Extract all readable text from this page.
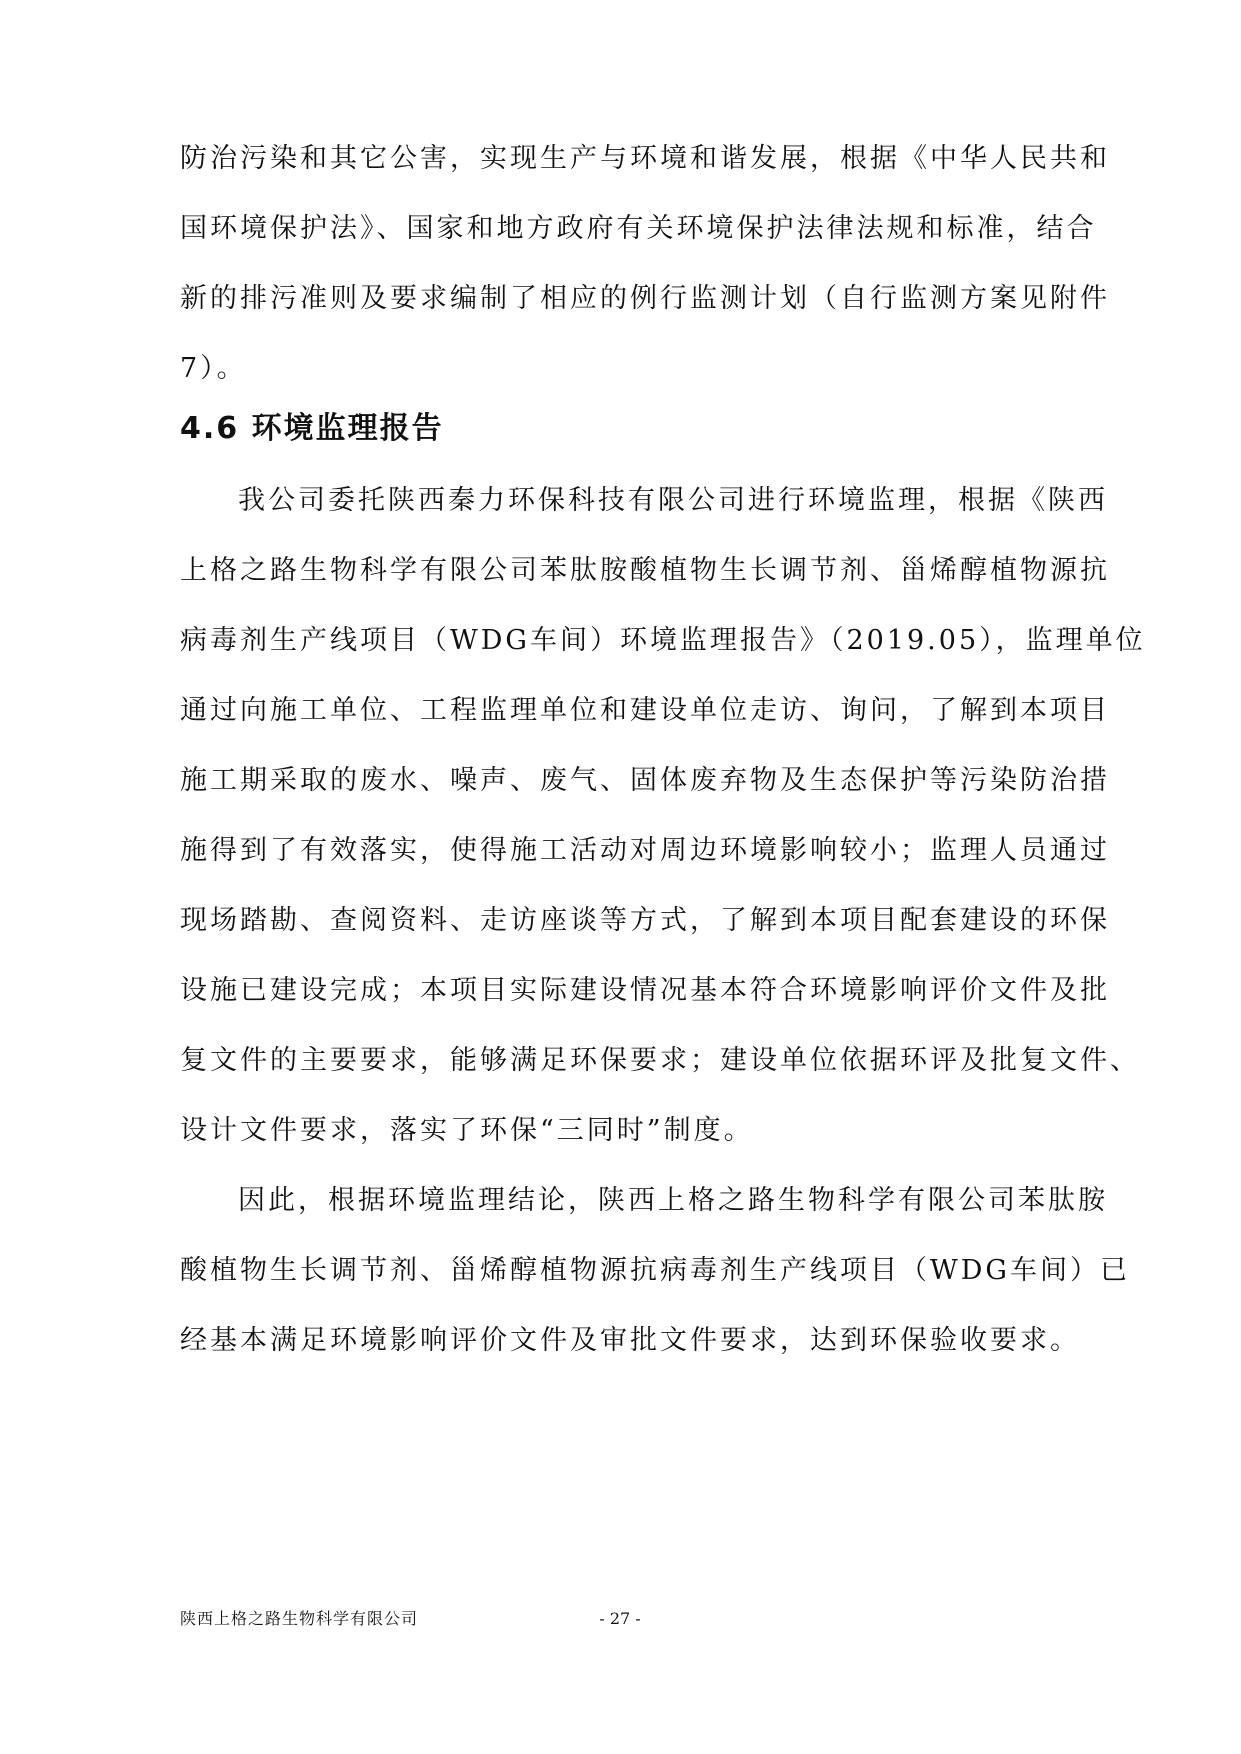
防治污染和其它公害，实现生产与环境和谐发展，根据《中华人民共和
国环境保护法》、国家和地方政府有关环境保护法律法规和标准，结合
新的排污准则及要求编制了相应的例行监测计划（自行监测方案见附件
7）。
4.6 环境监理报告
我公司委托陕西秦力环保科技有限公司进行环境监理，根据《陕西
上格之路生物科学有限公司苯肽胺酸植物生长调节剂、甾烯醇植物源抗
病毒剂生产线项目（WDG车间）环境监理报告》（2019.05），监理单位
通过向施工单位、工程监理单位和建设单位走访、询问，了解到本项目
施工期采取的废水、噪声、废气、固体废弃物及生态保护等污染防治措
施得到了有效落实，使得施工活动对周边环境影响较小；监理人员通过
现场踏勘、查阅资料、走访座谈等方式，了解到本项目配套建设的环保
设施已建设完成；本项目实际建设情况基本符合环境影响评价文件及批
复文件的主要要求，能够满足环保要求；建设单位依据环评及批复文件、
设计文件要求，落实了环保“三同时”制度。
因此，根据环境监理结论，陕西上格之路生物科学有限公司苯肽胺
酸植物生长调节剂、甾烯醇植物源抗病毒剂生产线项目（WDG车间）已
经基本满足环境影响评价文件及审批文件要求，达到环保验收要求。
陕西上格之路生物科学有限公司	- 27 -
